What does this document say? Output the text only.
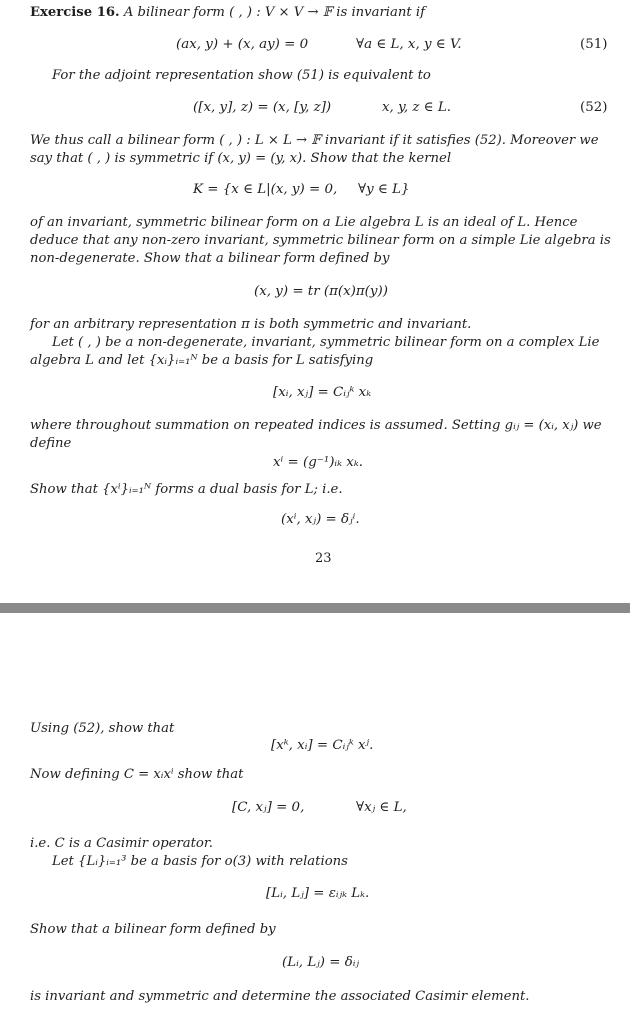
Exercise 16. A bilinear form ( , ) : V × V → 𝔽 is invariant if
(ax, y) + (x, ay) = 0	∀a ∈ L, x, y ∈ V.	(51)
For the adjoint representation show (51) is equivalent to
([x, y], z) = (x, [y, z])	x, y, z ∈ L.	(52)
We thus call a bilinear form ( , ) : L × L → 𝔽 invariant if it satisfies (52). Moreover we
say that ( , ) is symmetric if (x, y) = (y, x). Show that the kernel
K = {x ∈ L|(x, y) = 0, ∀y ∈ L}
of an invariant, symmetric bilinear form on a Lie algebra L is an ideal of L. Hence
deduce that any non-zero invariant, symmetric bilinear form on a simple Lie algebra is
non-degenerate. Show that a bilinear form defined by
(x, y) = tr (π(x)π(y))
for an arbitrary representation π is both symmetric and invariant.
Let ( , ) be a non-degenerate, invariant, symmetric bilinear form on a complex Lie
algebra L and let {xᵢ}ᵢ₌₁ᴺ be a basis for L satisfying
[xᵢ, xⱼ] = Cᵢⱼᵏ xₖ
where throughout summation on repeated indices is assumed. Setting gᵢⱼ = (xᵢ, xⱼ) we
define
xⁱ = (g⁻¹)ᵢₖ xₖ.
Show that {xⁱ}ᵢ₌₁ᴺ forms a dual basis for L; i.e.
(xⁱ, xⱼ) = δⱼⁱ.
23
Using (52), show that
[xᵏ, xᵢ] = Cᵢⱼᵏ xʲ.
Now defining C = xᵢxⁱ show that
[C, xⱼ] = 0,	∀xⱼ ∈ L,
i.e. C is a Casimir operator.
Let {Lᵢ}ᵢ₌₁³ be a basis for o(3) with relations
[Lᵢ, Lⱼ] = εᵢⱼₖ Lₖ.
Show that a bilinear form defined by
(Lᵢ, Lⱼ) = δᵢⱼ
is invariant and symmetric and determine the associated Casimir element.
